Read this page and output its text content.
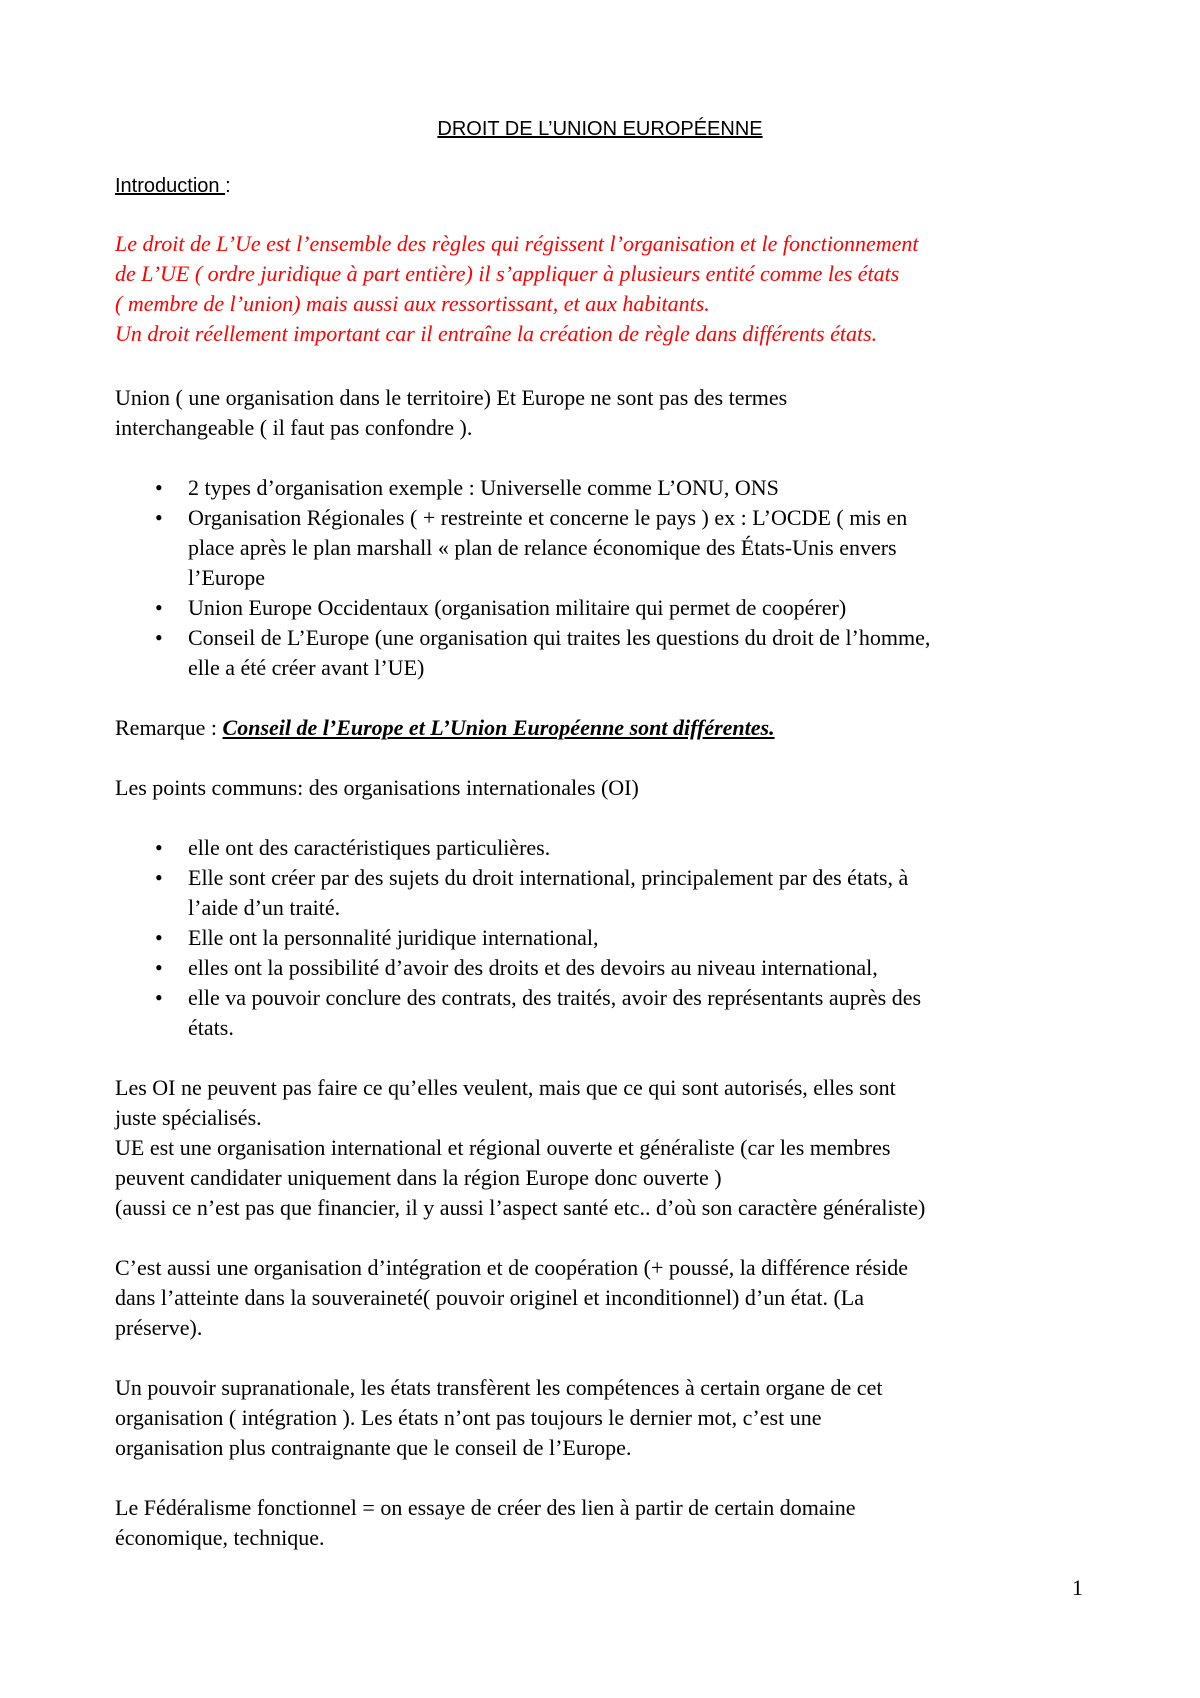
DROIT DE L’UNION EUROPÉENNE
Introduction :
Le droit de L’Ue est l’ensemble des règles qui régissent l’organisation et le fonctionnement
de L’UE ( ordre juridique à part entière) il s’appliquer à plusieurs entité comme les états
( membre de l’union) mais aussi aux ressortissant, et aux habitants.
Un droit réellement important car il entraîne la création de règle dans différents états.
Union ( une organisation dans le territoire) Et Europe ne sont pas des termes
interchangeable ( il faut pas confondre ).
• 2 types d’organisation exemple : Universelle comme L’ONU, ONS
• Organisation Régionales ( + restreinte et concerne le pays ) ex : L’OCDE ( mis en
place après le plan marshall « plan de relance économique des États-Unis envers
l’Europe
• Union Europe Occidentaux (organisation militaire qui permet de coopérer)
• Conseil de L’Europe (une organisation qui traites les questions du droit de l’homme,
elle a été créer avant l’UE)
Remarque : Conseil de l’Europe et L’Union Européenne sont différentes.
Les points communs: des organisations internationales (OI)
• elle ont des caractéristiques particulières.
• Elle sont créer par des sujets du droit international, principalement par des états, à
l’aide d’un traité.
• Elle ont la personnalité juridique international,
• elles ont la possibilité d’avoir des droits et des devoirs au niveau international,
• elle va pouvoir conclure des contrats, des traités, avoir des représentants auprès des
états.
Les OI ne peuvent pas faire ce qu’elles veulent, mais que ce qui sont autorisés, elles sont
juste spécialisés.
UE est une organisation international et régional ouverte et généraliste (car les membres
peuvent candidater uniquement dans la région Europe donc ouverte )
(aussi ce n’est pas que financier, il y aussi l’aspect santé etc.. d’où son caractère généraliste)
C’est aussi une organisation d’intégration et de coopération (+ poussé, la différence réside
dans l’atteinte dans la souveraineté( pouvoir originel et inconditionnel) d’un état. (La
préserve).
Un pouvoir supranationale, les états transfèrent les compétences à certain organe de cet
organisation ( intégration ). Les états n’ont pas toujours le dernier mot, c’est une
organisation plus contraignante que le conseil de l’Europe.
Le Fédéralisme fonctionnel = on essaye de créer des lien à partir de certain domaine
économique, technique.
1
